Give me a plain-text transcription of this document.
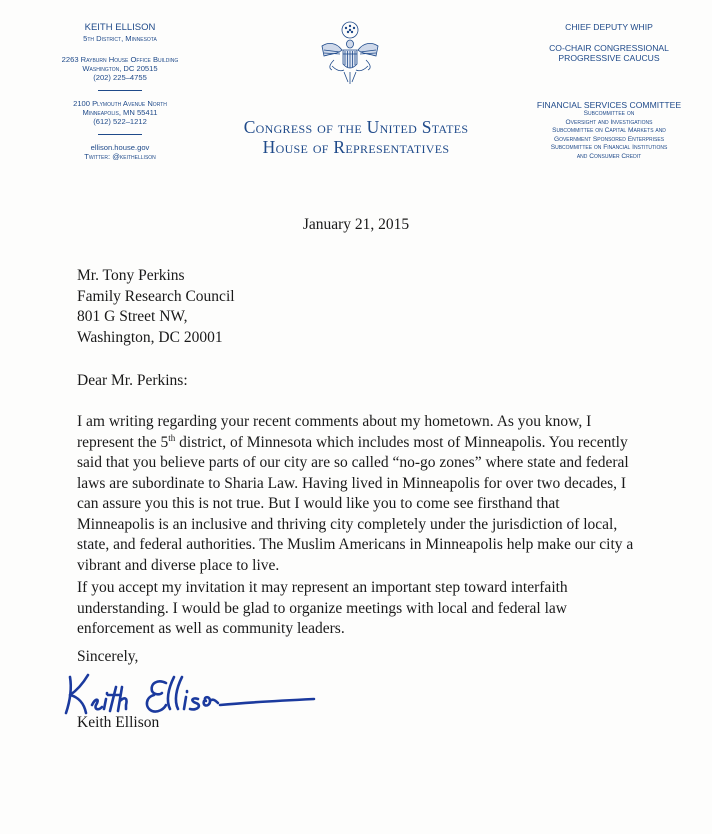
KEITH ELLISON
5th District, Minnesota
2263 Rayburn House Office Building
Washington, DC 20515
(202) 225–4755
2100 Plymouth Avenue North
Minneapolis, MN 55411
(612) 522–1212
ellison.house.gov
Twitter: @keithellison
Congress of the United States
House of Representatives
CHIEF DEPUTY WHIP
CO-CHAIR CONGRESSIONAL
PROGRESSIVE CAUCUS
FINANCIAL SERVICES COMMITTEE
Subcommittee on
Oversight and Investigations
Subcommittee on Capital Markets and
Government Sponsored Enterprises
Subcommittee on Financial Institutions
and Consumer Credit
January 21, 2015
Mr. Tony Perkins
Family Research Council
801 G Street NW,
Washington, DC 20001
Dear Mr. Perkins:
I am writing regarding your recent comments about my hometown. As you know, I represent the 5th district, of Minnesota which includes most of Minneapolis. You recently said that you believe parts of our city are so called “no-go zones” where state and federal laws are subordinate to Sharia Law. Having lived in Minneapolis for over two decades, I can assure you this is not true. But I would like you to come see firsthand that Minneapolis is an inclusive and thriving city completely under the jurisdiction of local, state, and federal authorities. The Muslim Americans in Minneapolis help make our city a vibrant and diverse place to live.
If you accept my invitation it may represent an important step toward interfaith understanding. I would be glad to organize meetings with local and federal law enforcement as well as community leaders.
Sincerely,
Keith Ellison
